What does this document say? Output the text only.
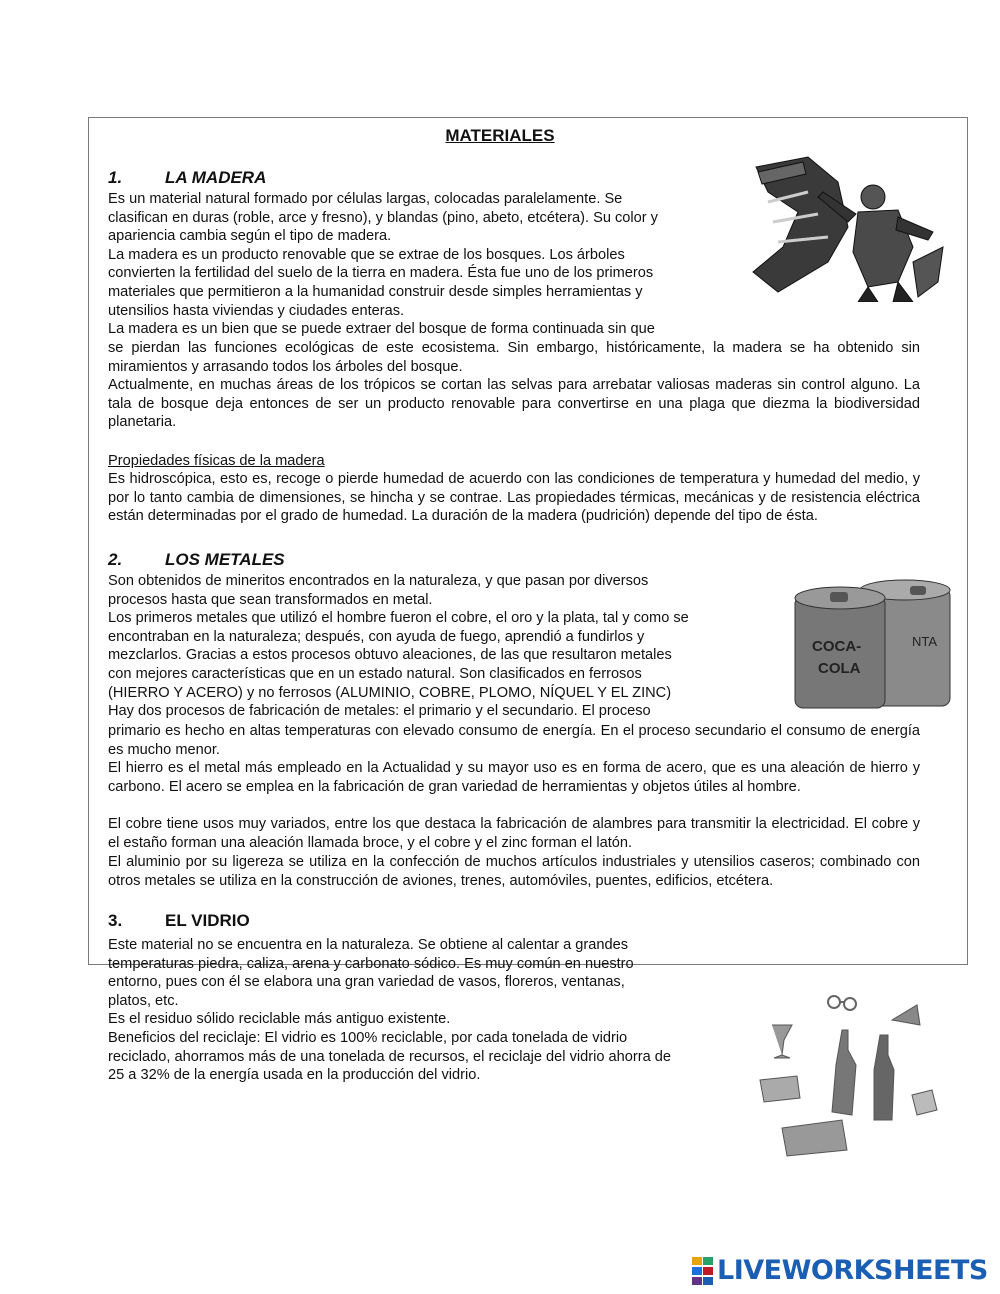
MATERIALES
1.	LA MADERA
Es un material natural formado por células largas, colocadas paralelamente. Se
clasifican en duras (roble, arce y fresno), y blandas (pino, abeto, etcétera). Su color y
apariencia cambia según el tipo de madera.
La madera es un producto renovable que se extrae de los bosques. Los árboles
convierten la fertilidad del suelo de la tierra en madera. Ésta fue uno de los primeros
materiales que permitieron a la humanidad construir desde simples herramientas y
utensilios hasta viviendas y ciudades enteras.
La madera es un bien que se puede extraer del bosque de forma continuada sin que
se pierdan las funciones ecológicas de este ecosistema. Sin embargo, históricamente, la madera se ha obtenido sin miramientos y arrasando todos los árboles del bosque.
Actualmente, en muchas áreas de los trópicos se cortan las selvas para arrebatar valiosas maderas sin control alguno. La tala de bosque deja entonces de ser un producto renovable para convertirse en una plaga que diezma la biodiversidad planetaria.
Propiedades físicas de la madera
Es hidroscópica, esto es, recoge o pierde humedad de acuerdo con las condiciones de temperatura y humedad del medio, y por lo tanto cambia de dimensiones, se hincha y se contrae. Las propiedades térmicas, mecánicas y de resistencia eléctrica están determinadas por el grado de humedad. La duración de la madera (pudrición) depende del tipo de ésta.
2.	LOS METALES
Son obtenidos de mineritos encontrados en la naturaleza, y que pasan por diversos
procesos hasta que sean transformados en metal.
Los primeros metales que utilizó el hombre fueron el cobre, el oro y la plata, tal y como se
encontraban en la naturaleza; después, con ayuda de fuego, aprendió a fundirlos y
mezclarlos. Gracias a estos procesos obtuvo aleaciones, de las que resultaron metales
con mejores características que en un estado natural. Son clasificados en ferrosos
(HIERRO Y ACERO) y no ferrosos (ALUMINIO, COBRE, PLOMO, NÍQUEL Y EL ZINC)
Hay dos procesos de fabricación de metales: el primario y el secundario. El proceso
primario es hecho en altas temperaturas con elevado consumo de energía. En el proceso secundario el consumo de energía es mucho menor.
El hierro es el metal más empleado en la Actualidad y su mayor uso es en forma de acero, que es una aleación de hierro y carbono. El acero se emplea en la fabricación de gran variedad de herramientas y objetos útiles al hombre.
El cobre tiene usos muy variados, entre los que destaca la fabricación de alambres para transmitir la electricidad. El cobre y el estaño forman una aleación llamada broce, y el cobre y el zinc forman el latón.
El aluminio por su ligereza se utiliza en la confección de muchos artículos industriales y utensilios caseros; combinado con otros metales se utiliza en la construcción de aviones, trenes, automóviles, puentes, edificios, etcétera.
COCA-
COLA
NTA
3.	EL VIDRIO
Este material no se encuentra en la naturaleza. Se obtiene al calentar a grandes
temperaturas piedra, caliza, arena y carbonato sódico. Es muy común en nuestro
entorno, pues con él se elabora una gran variedad de vasos, floreros, ventanas,
platos, etc.
Es el residuo sólido reciclable más antiguo existente.
Beneficios del reciclaje: El vidrio es 100% reciclable, por cada tonelada de vidrio
reciclado, ahorramos más de una tonelada de recursos, el reciclaje del vidrio ahorra de
25 a 32% de la energía usada en la producción del vidrio.
LIVEWORKSHEETS
